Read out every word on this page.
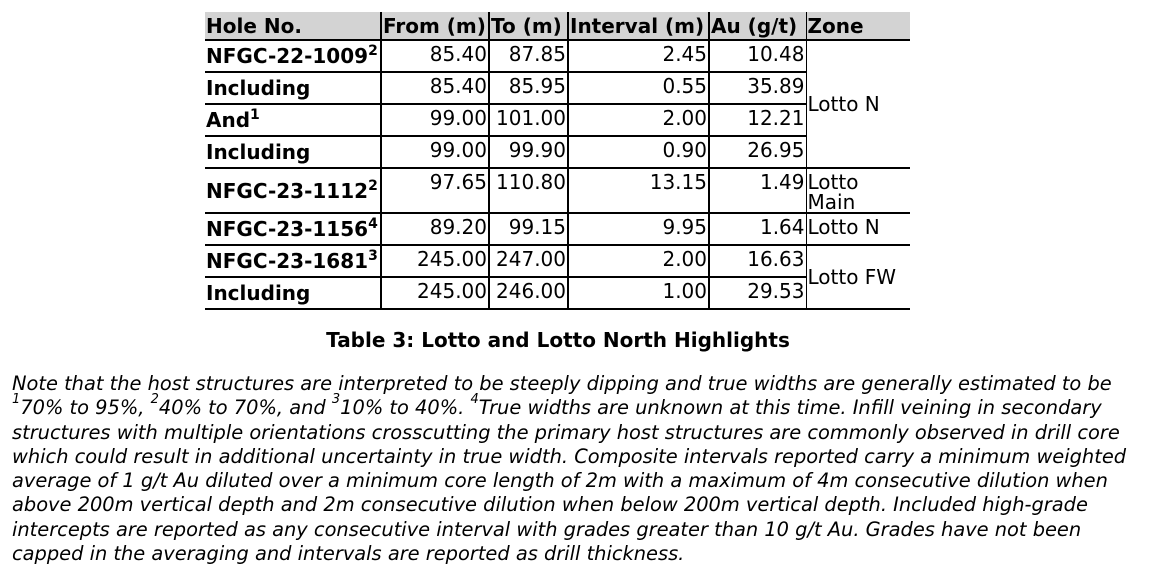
Hole No.	From (m)	To (m)	Interval (m)	Au (g/t)	Zone
NFGC-22-1009$^2$	85.40	87.85	2.45	10.48	Lotto N
Including	85.40	85.95	0.55	35.89	
And$^1$	99.00	101.00	2.00	12.21	
Including	99.00	99.90	0.90	26.95	
NFGC-23-1112$^2$	97.65	110.80	13.15	1.49	Lotto Main
NFGC-23-1156$^4$	89.20	99.15	9.95	1.64	Lotto N
NFGC-23-1681$^3$	245.00	247.00	2.00	16.63	Lotto FW
Including	245.00	246.00	1.00	29.53	
Table 3: Lotto and Lotto North Highlights

Note that the host structures are interpreted to be steeply dipping and true widths are generally estimated to be $^1$70% to 95%, $^2$40% to 70%, and $^3$10% to 40%. $^4$True widths are unknown at this time. Infill veining in secondary structures with multiple orientations crosscutting the primary host structures are commonly observed in drill core which could result in additional uncertainty in true width. Composite intervals reported carry a minimum weighted average of 1 g/t Au diluted over a minimum core length of 2m with a maximum of 4m consecutive dilution when above 200m vertical depth and 2m consecutive dilution when below 200m vertical depth. Included high-grade intercepts are reported as any consecutive interval with grades greater than 10 g/t Au. Grades have not been capped in the averaging and intervals are reported as drill thickness.
